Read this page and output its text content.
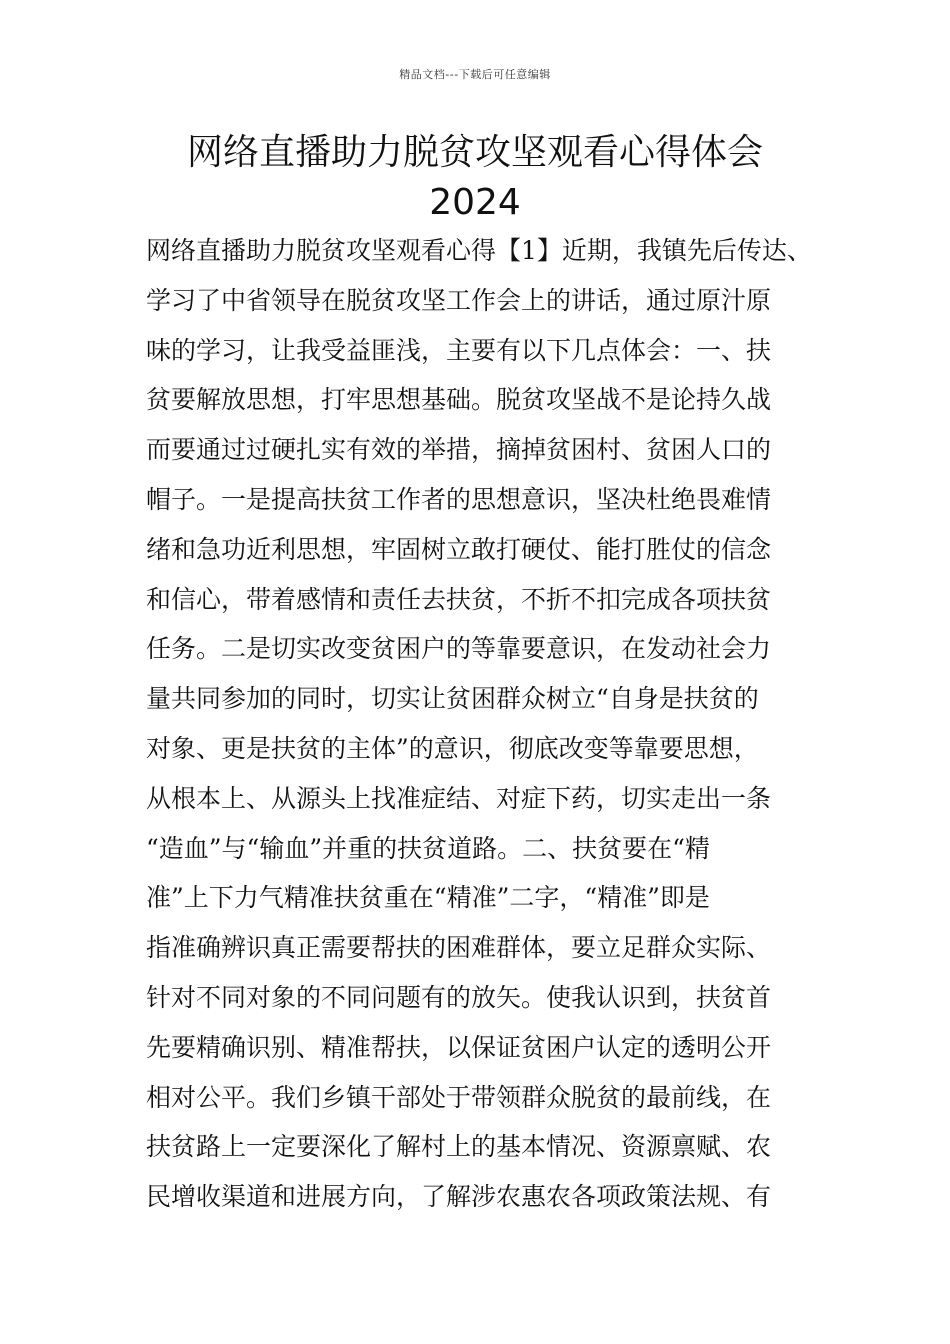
精品文档---下载后可任意编辑
网络直播助力脱贫攻坚观看心得体会
2024
网络直播助力脱贫攻坚观看心得【1】近期，我镇先后传达、
学习了中省领导在脱贫攻坚工作会上的讲话，通过原汁原
味的学习，让我受益匪浅，主要有以下几点体会：一、扶
贫要解放思想，打牢思想基础。脱贫攻坚战不是论持久战
而要通过过硬扎实有效的举措，摘掉贫困村、贫困人口的
帽子。一是提高扶贫工作者的思想意识，坚决杜绝畏难情
绪和急功近利思想，牢固树立敢打硬仗、能打胜仗的信念
和信心，带着感情和责任去扶贫，不折不扣完成各项扶贫
任务。二是切实改变贫困户的等靠要意识，在发动社会力
量共同参加的同时，切实让贫困群众树立“自身是扶贫的
对象、更是扶贫的主体”的意识，彻底改变等靠要思想，
从根本上、从源头上找准症结、对症下药，切实走出一条
“造血”与“输血”并重的扶贫道路。二、扶贫要在“精
准”上下力气精准扶贫重在“精准”二字，“精准”即是
指准确辨识真正需要帮扶的困难群体，要立足群众实际、
针对不同对象的不同问题有的放矢。使我认识到，扶贫首
先要精确识别、精准帮扶，以保证贫困户认定的透明公开
相对公平。我们乡镇干部处于带领群众脱贫的最前线，在
扶贫路上一定要深化了解村上的基本情况、资源禀赋、农
民增收渠道和进展方向，了解涉农惠农各项政策法规、有
